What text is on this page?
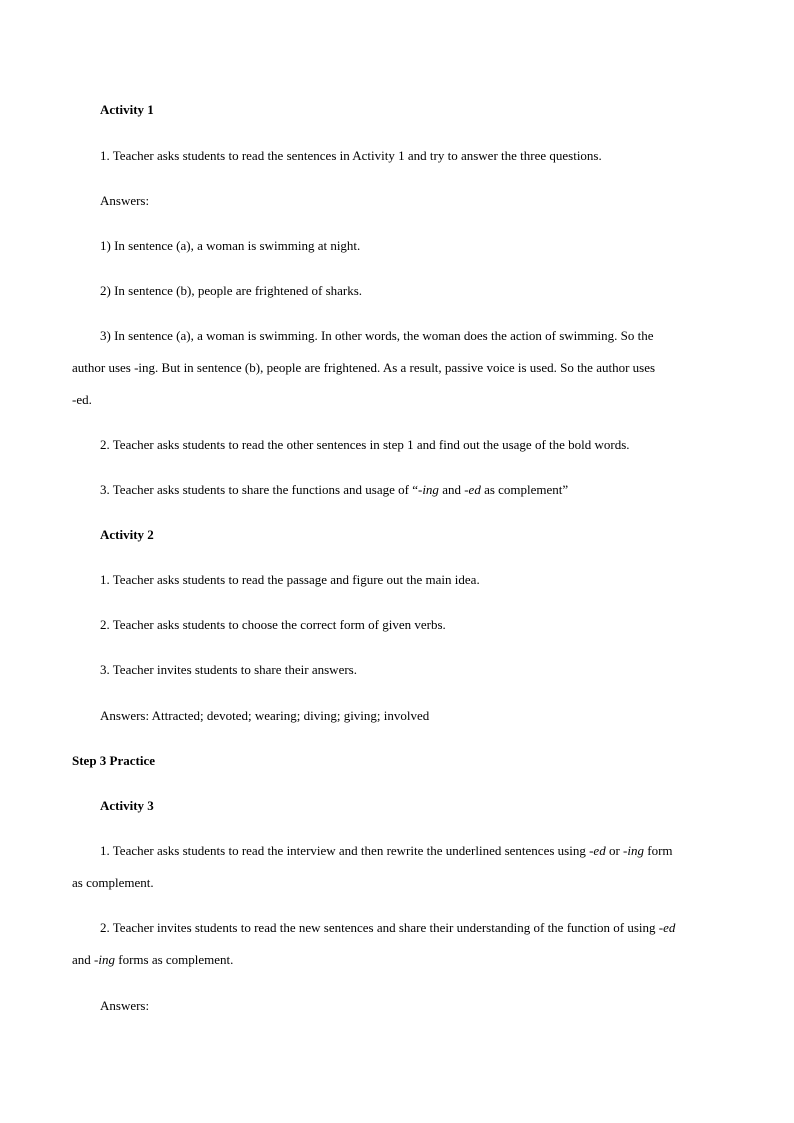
Activity 1
1. Teacher asks students to read the sentences in Activity 1 and try to answer the three questions.
Answers:
1) In sentence (a), a woman is swimming at night.
2) In sentence (b), people are frightened of sharks.
3) In sentence (a), a woman is swimming. In other words, the woman does the action of swimming. So the
author uses -ing. But in sentence (b), people are frightened. As a result, passive voice is used. So the author uses
-ed.
2. Teacher asks students to read the other sentences in step 1 and find out the usage of the bold words.
3. Teacher asks students to share the functions and usage of “-ing and -ed as complement”
Activity 2
1. Teacher asks students to read the passage and figure out the main idea.
2. Teacher asks students to choose the correct form of given verbs.
3. Teacher invites students to share their answers.
Answers: Attracted; devoted; wearing; diving; giving; involved
Step 3 Practice
Activity 3
1. Teacher asks students to read the interview and then rewrite the underlined sentences using -ed or -ing form
as complement.
2. Teacher invites students to read the new sentences and share their understanding of the function of using -ed
and -ing forms as complement.
Answers:
